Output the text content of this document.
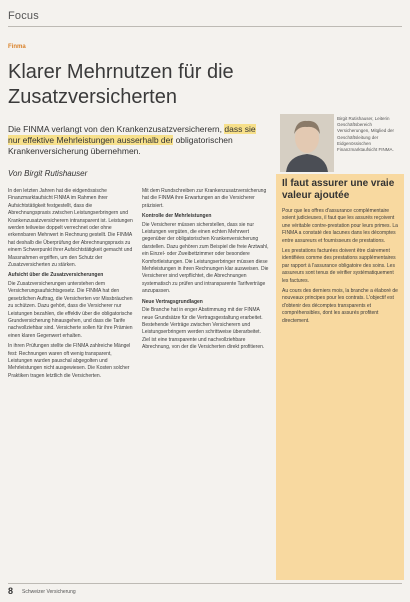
Focus
Finma
Klarer Mehrnutzen für die Zusatzversicherten
Die FINMA verlangt von den Krankenzusatzversicherern, dass sie nur effektive Mehrleistungen ausserhalb der obligatorischen Krankenversicherung übernehmen.
Von Birgit Rutishauser

In den letzten Jahren hat die eidgenössische Finanzmarktaufsicht FINMA im Rahmen ihrer Aufsichtstätigkeit festgestellt, dass die Abrechnungspraxis zwischen Leistungserbringern und Krankenzusatzversicherern intransparent ist. Leistungen werden teilweise doppelt verrechnet oder ohne erkennbaren Mehrwert in Rechnung gestellt. Die FINMA hat deshalb die Überprüfung der Abrechnungspraxis zu einem Schwerpunkt ihrer Aufsichtstätigkeit gemacht und Massnahmen ergriffen, um den Schutz der Zusatzversicherten zu stärken.

Aufsicht über die Zusatzversicherungen

Die Zusatzversicherungen unterstehen dem Versicherungsaufsichtsgesetz. Die FINMA hat den gesetzlichen Auftrag, die Versicherten vor Missbräuchen zu schützen. Dazu gehört, dass die Versicherer nur Leistungen bezahlen, die effektiv über die obligatorische Grundversicherung hinausgehen, und dass die Tarife nachvollziehbar sind. Versicherte sollen für ihre Prämien einen klaren Gegenwert erhalten.

In ihren Prüfungen stellte die FINMA zahlreiche Mängel fest: Rechnungen waren oft wenig transparent, Leistungen wurden pauschal abgegolten und Mehrleistungen nicht ausgewiesen. Die Kosten solcher Praktiken tragen letztlich die Versicherten.

Mit dem Rundschreiben zur Krankenzusatzversicherung hat die FINMA ihre Erwartungen an die Versicherer präzisiert.

Kontrolle der Mehrleistungen

Die Versicherer müssen sicherstellen, dass sie nur Leistungen vergüten, die einen echten Mehrwert gegenüber der obligatorischen Krankenversicherung darstellen. Dazu gehören zum Beispiel die freie Arztwahl, ein Einzel- oder Zweibettzimmer oder besondere Komfortleistungen. Die Leistungserbringer müssen diese Mehrleistungen in ihren Rechnungen klar ausweisen. Die Versicherer sind verpflichtet, die Abrechnungen systematisch zu prüfen und intransparente Tarifverträge anzupassen.

Neue Vertragsgrundlagen

Die Branche hat in enger Abstimmung mit der FINMA neue Grundsätze für die Vertragsgestaltung erarbeitet. Bestehende Verträge zwischen Versicherern und Leistungserbringern werden schrittweise überarbeitet. Ziel ist eine transparente und nachvollziehbare Abrechnung, von der die Versicherten direkt profitieren.

Birgit Rutishauser, Leiterin Geschäftsbereich Versicherungen, Mitglied der Geschäftsleitung der Eidgenössischen Finanzmarktaufsicht FINMA.
Il faut assurer une vraie valeur ajoutée

Pour que les offres d'assurance complémentaire soient judicieuses, il faut que les assurés reçoivent une véritable contre-prestation pour leurs primes. La FINMA a constaté des lacunes dans les décomptes entre assureurs et fournisseurs de prestations.

Les prestations facturées doivent être clairement identifiées comme des prestations supplémentaires par rapport à l'assurance obligatoire des soins. Les assureurs sont tenus de vérifier systématiquement les factures.

Au cours des derniers mois, la branche a élaboré de nouveaux principes pour les contrats. L'objectif est d'obtenir des décomptes transparents et compréhensibles, dont les assurés profitent directement.

8 Schweizer Versicherung
